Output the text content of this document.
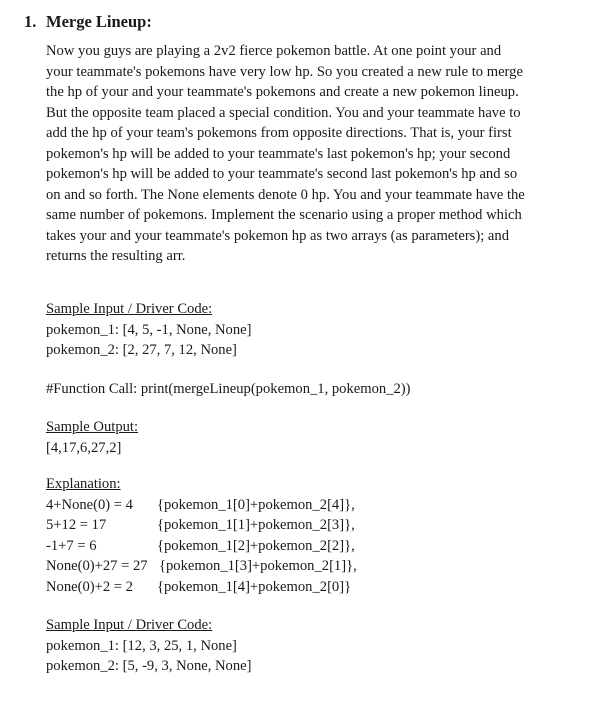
1. Merge Lineup:

Now you guys are playing a 2v2 fierce pokemon battle. At one point your and
your teammate's pokemons have very low hp. So you created a new rule to merge
the hp of your and your teammate's pokemons and create a new pokemon lineup.
But the opposite team placed a special condition. You and your teammate have to
add the hp of your team's pokemons from opposite directions. That is, your first
pokemon's hp will be added to your teammate's last pokemon's hp; your second
pokemon's hp will be added to your teammate's second last pokemon's hp and so
on and so forth. The None elements denote 0 hp. You and your teammate have the
same number of pokemons. Implement the scenario using a proper method which
takes your and your teammate's pokemon hp as two arrays (as parameters); and
returns the resulting arr.

Sample Input / Driver Code:
pokemon_1: [4, 5, -1, None, None]
pokemon_2: [2, 27, 7, 12, None]
#Function Call: print(mergeLineup(pokemon_1, pokemon_2))
Sample Output:
[4,17,6,27,2]
Explanation:
4+None(0) = 4	{pokemon_1[0]+pokemon_2[4]},
5+12 = 17	{pokemon_1[1]+pokemon_2[3]},
-1+7 = 6	{pokemon_1[2]+pokemon_2[2]},
None(0)+27 = 27 {pokemon_1[3]+pokemon_2[1]},
None(0)+2 = 2	{pokemon_1[4]+pokemon_2[0]}
Sample Input / Driver Code:
pokemon_1: [12, 3, 25, 1, None]
pokemon_2: [5, -9, 3, None, None]
